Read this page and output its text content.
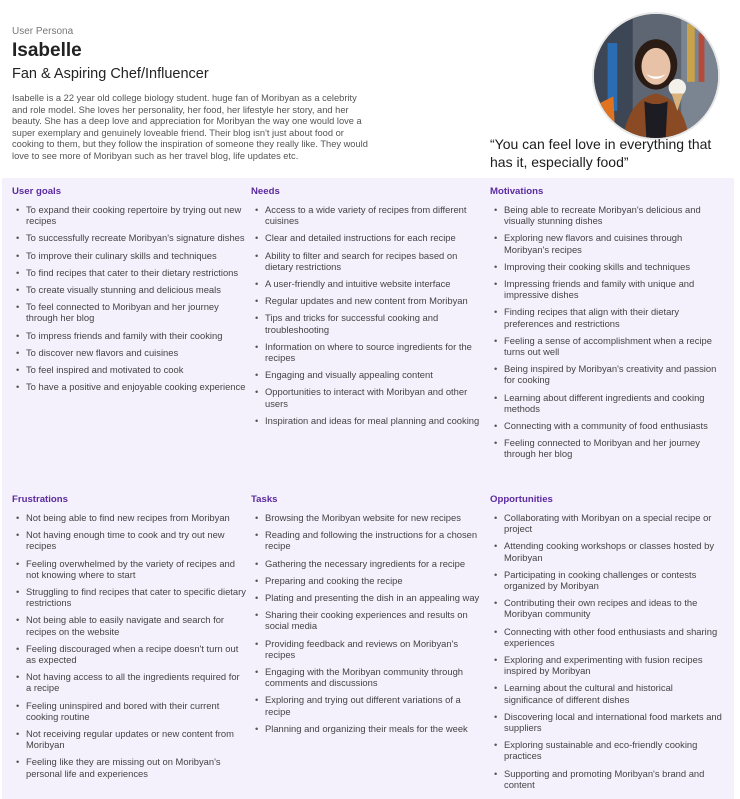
User Persona
Isabelle
Fan & Aspiring Chef/Influencer

Isabelle is a 22 year old college biology student. huge fan of Moribyan as a celebrity and role model. She loves her personality, her food, her lifestyle her story, and her beauty. She has a deep love and appreciation for Moribyan the way one would love a super exemplary and genuinely loveable friend. Their blog isn't just about food or cooking to them, but they follow the inspiration of someone they really like. They would love to see more of Moribyan such as her travel blog, life updates etc.

“You can feel love in everything that has it, especially food”
User goals
• To expand their cooking repertoire by trying out new recipes
• To successfully recreate Moribyan's signature dishes
• To improve their culinary skills and techniques
• To find recipes that cater to their dietary restrictions
• To create visually stunning and delicious meals
• To feel connected to Moribyan and her journey through her blog
• To impress friends and family with their cooking
• To discover new flavors and cuisines
• To feel inspired and motivated to cook
• To have a positive and enjoyable cooking experience
Needs
• Access to a wide variety of recipes from different cuisines
• Clear and detailed instructions for each recipe
• Ability to filter and search for recipes based on dietary restrictions
• A user-friendly and intuitive website interface
• Regular updates and new content from Moribyan
• Tips and tricks for successful cooking and troubleshooting
• Information on where to source ingredients for the recipes
• Engaging and visually appealing content
• Opportunities to interact with Moribyan and other users
• Inspiration and ideas for meal planning and cooking
Motivations
• Being able to recreate Moribyan's delicious and visually stunning dishes
• Exploring new flavors and cuisines through Moribyan's recipes
• Improving their cooking skills and techniques
• Impressing friends and family with unique and impressive dishes
• Finding recipes that align with their dietary preferences and restrictions
• Feeling a sense of accomplishment when a recipe turns out well
• Being inspired by Moribyan's creativity and passion for cooking
• Learning about different ingredients and cooking methods
• Connecting with a community of food enthusiasts
• Feeling connected to Moribyan and her journey through her blog
Frustrations
• Not being able to find new recipes from Moribyan
• Not having enough time to cook and try out new recipes
• Feeling overwhelmed by the variety of recipes and not knowing where to start
• Struggling to find recipes that cater to specific dietary restrictions
• Not being able to easily navigate and search for recipes on the website
• Feeling discouraged when a recipe doesn't turn out as expected
• Not having access to all the ingredients required for a recipe
• Feeling uninspired and bored with their current cooking routine
• Not receiving regular updates or new content from Moribyan
• Feeling like they are missing out on Moribyan's personal life and experiences
Tasks
• Browsing the Moribyan website for new recipes
• Reading and following the instructions for a chosen recipe
• Gathering the necessary ingredients for a recipe
• Preparing and cooking the recipe
• Plating and presenting the dish in an appealing way
• Sharing their cooking experiences and results on social media
• Providing feedback and reviews on Moribyan's recipes
• Engaging with the Moribyan community through comments and discussions
• Exploring and trying out different variations of a recipe
• Planning and organizing their meals for the week
Opportunities
• Collaborating with Moribyan on a special recipe or project
• Attending cooking workshops or classes hosted by Moribyan
• Participating in cooking challenges or contests organized by Moribyan
• Contributing their own recipes and ideas to the Moribyan community
• Connecting with other food enthusiasts and sharing experiences
• Exploring and experimenting with fusion recipes inspired by Moribyan
• Learning about the cultural and historical significance of different dishes
• Discovering local and international food markets and suppliers
• Exploring sustainable and eco-friendly cooking practices
• Supporting and promoting Moribyan's brand and content
